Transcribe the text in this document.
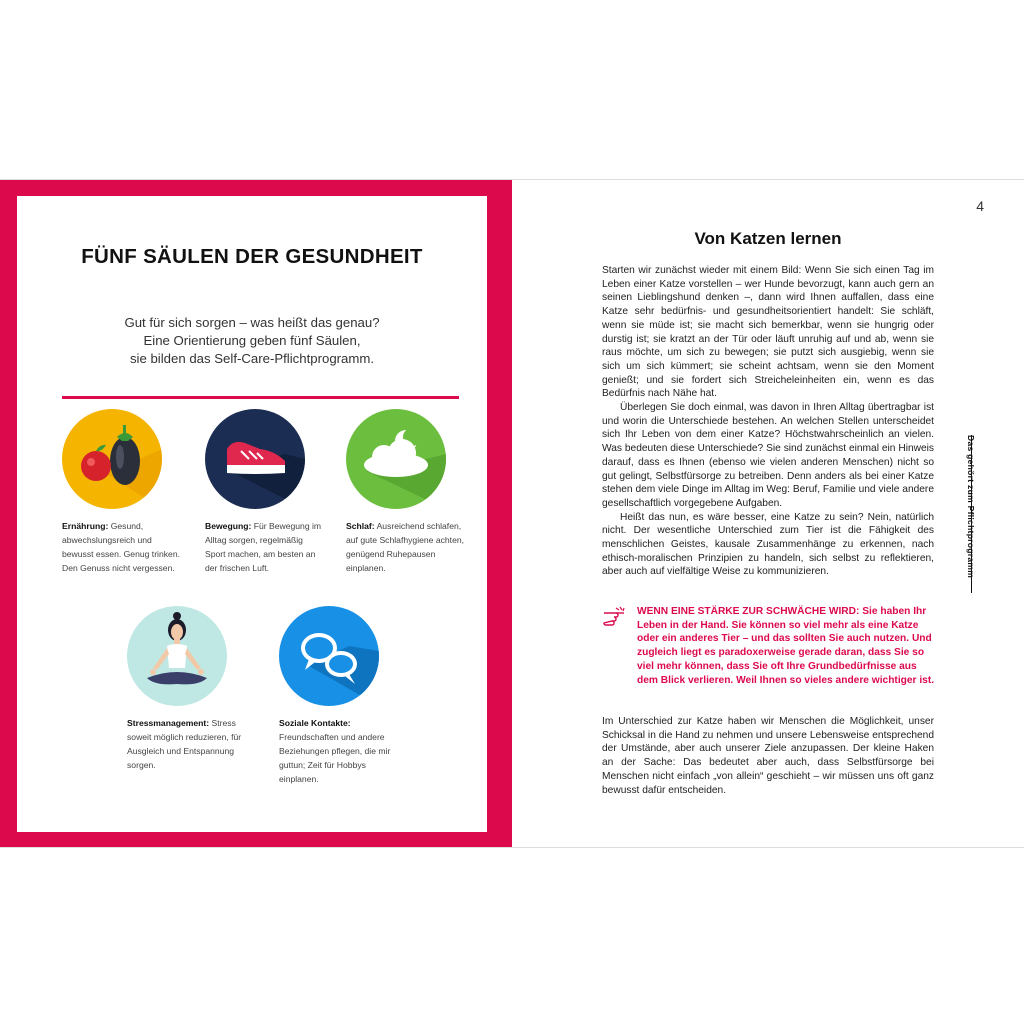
FÜNF SÄULEN DER GESUNDHEIT
Gut für sich sorgen – was heißt das genau?
Eine Orientierung geben fünf Säulen,
sie bilden das Self-Care-Pflichtprogramm.
Ernährung: Gesund, abwechslungsreich und bewusst essen. Genug trinken. Den Genuss nicht vergessen.
Bewegung: Für Bewegung im Alltag sorgen, regelmäßig Sport machen, am besten an der frischen Luft.
Schlaf: Ausreichend schlafen, auf gute Schlafhygiene achten, genügend Ruhepausen einplanen.
Stressmanagement: Stress soweit möglich reduzieren, für Ausgleich und Entspannung sorgen.
Soziale Kontakte: Freundschaften und andere Beziehungen pflegen, die mir guttun; Zeit für Hobbys einplanen.
4
Von Katzen lernen

Starten wir zunächst wieder mit einem Bild: Wenn Sie sich einen Tag im Leben einer Katze vorstellen – wer Hunde bevorzugt, kann auch gern an seinen Lieblingshund denken –, dann wird Ihnen auffallen, dass eine Katze sehr bedürfnis- und gesundheitsorientiert handelt: Sie schläft, wenn sie müde ist; sie macht sich bemerkbar, wenn sie hungrig oder durstig ist; sie kratzt an der Tür oder läuft unruhig auf und ab, wenn sie raus möchte, um sich zu bewegen; sie putzt sich ausgiebig, wenn sie sich um sich kümmert; sie scheint achtsam, wenn sie den Moment genießt; und sie fordert sich Streicheleinheiten ein, wenn es das Bedürfnis nach Nähe hat.

Überlegen Sie doch einmal, was davon in Ihren Alltag übertragbar ist und worin die Unterschiede bestehen. An welchen Stellen unterscheidet sich Ihr Leben von dem einer Katze? Höchstwahrscheinlich an vielen. Was bedeuten diese Unterschiede? Sie sind zunächst einmal ein Hinweis darauf, dass es Ihnen (ebenso wie vielen anderen Menschen) nicht so gut gelingt, Selbstfürsorge zu betreiben. Denn anders als bei einer Katze stehen dem viele Dinge im Alltag im Weg: Beruf, Familie und viele andere gesellschaftlich vorgegebene Aufgaben.

Heißt das nun, es wäre besser, eine Katze zu sein? Nein, natürlich nicht. Der wesentliche Unterschied zum Tier ist die Fähigkeit des menschlichen Geistes, kausale Zusammenhänge zu erkennen, nach ethisch-moralischen Prinzipien zu handeln, sich selbst zu reflektieren, aber auch auf vielfältige Weise zu kommunizieren.

WENN EINE STÄRKE ZUR SCHWÄCHE WIRD: Sie haben Ihr Leben in der Hand. Sie können so viel mehr als eine Katze oder ein anderes Tier – und das sollten Sie auch nutzen. Und zugleich liegt es paradoxerweise gerade daran, dass Sie so viel mehr können, dass Sie oft Ihre Grundbedürfnisse aus dem Blick verlieren. Weil Ihnen so vieles andere wichtiger ist.
Im Unterschied zur Katze haben wir Menschen die Möglichkeit, unser Schicksal in die Hand zu nehmen und unsere Lebensweise entsprechend der Umstände, aber auch unserer Ziele anzupassen. Der kleine Haken an der Sache: Das bedeutet aber auch, dass Selbstfürsorge bei Menschen nicht einfach „von allein“ geschieht – wir müssen uns oft ganz bewusst dafür entscheiden.
Das gehört zum Pflichtprogramm
